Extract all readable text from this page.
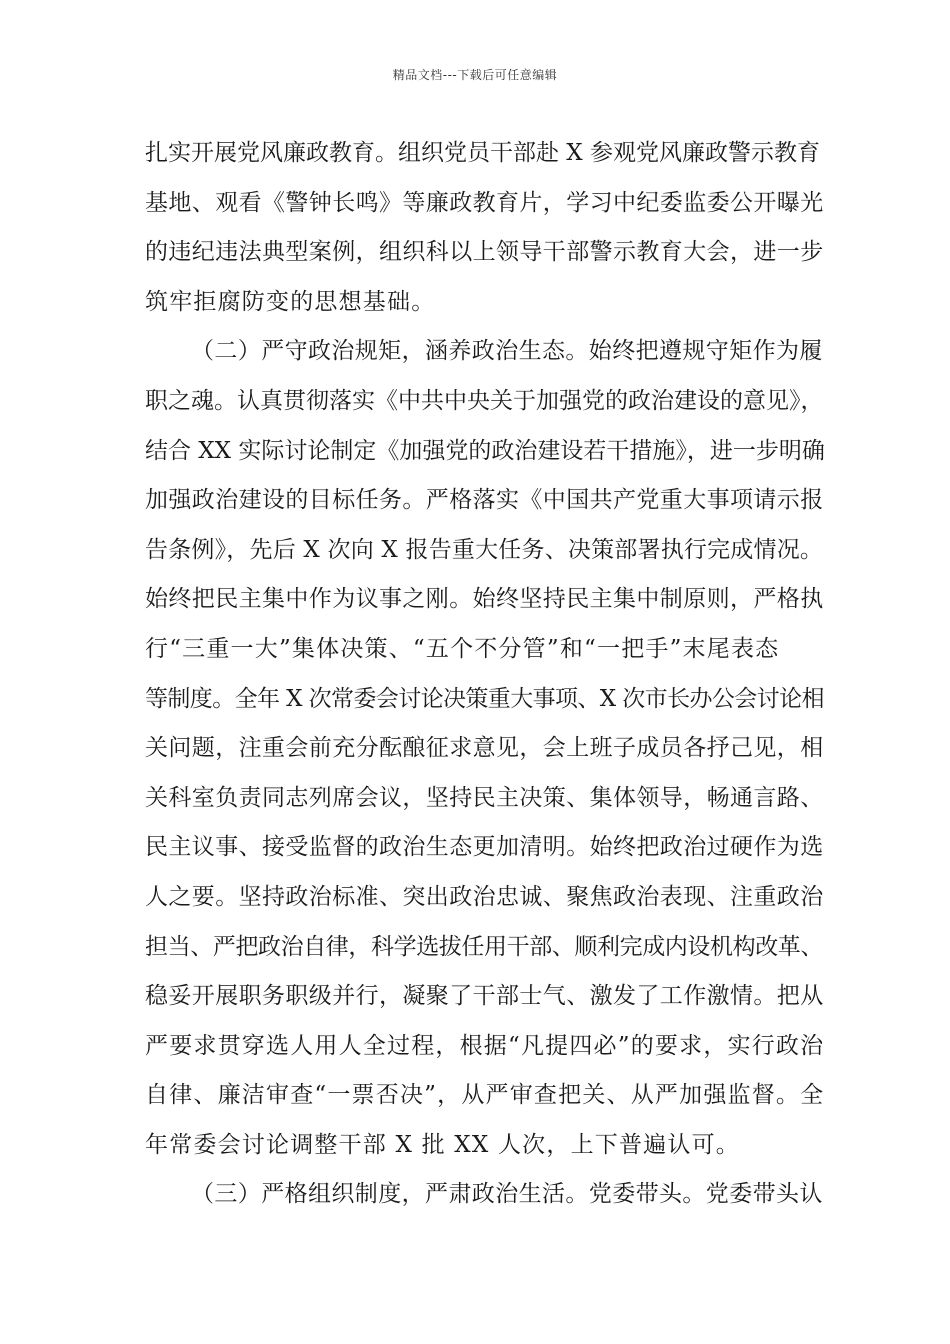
精品文档---下载后可任意编辑
扎实开展党风廉政教育。组织党员干部赴 X 参观党风廉政警示教育
基地、观看《警钟长鸣》等廉政教育片，学习中纪委监委公开曝光
的违纪违法典型案例，组织科以上领导干部警示教育大会，进一步
筑牢拒腐防变的思想基础。
（二）严守政治规矩，涵养政治生态。始终把遵规守矩作为履
职之魂。认真贯彻落实《中共中央关于加强党的政治建设的意见》，
结合 XX 实际讨论制定《加强党的政治建设若干措施》，进一步明确
加强政治建设的目标任务。严格落实《中国共产党重大事项请示报
告条例》，先后 X 次向 X 报告重大任务、决策部署执行完成情况。
始终把民主集中作为议事之刚。始终坚持民主集中制原则，严格执
行“三重一大”集体决策、“五个不分管”和“一把手”末尾表态
等制度。全年 X 次常委会讨论决策重大事项、X 次市长办公会讨论相
关问题，注重会前充分酝酿征求意见，会上班子成员各抒己见，相
关科室负责同志列席会议，坚持民主决策、集体领导，畅通言路、
民主议事、接受监督的政治生态更加清明。始终把政治过硬作为选
人之要。坚持政治标准、突出政治忠诚、聚焦政治表现、注重政治
担当、严把政治自律，科学选拔任用干部、顺利完成内设机构改革、
稳妥开展职务职级并行，凝聚了干部士气、激发了工作激情。把从
严要求贯穿选人用人全过程，根据“凡提四必”的要求，实行政治
自律、廉洁审查“一票否决”，从严审查把关、从严加强监督。全
年常委会讨论调整干部 X 批 XX 人次，上下普遍认可。
（三）严格组织制度，严肃政治生活。党委带头。党委带头认
